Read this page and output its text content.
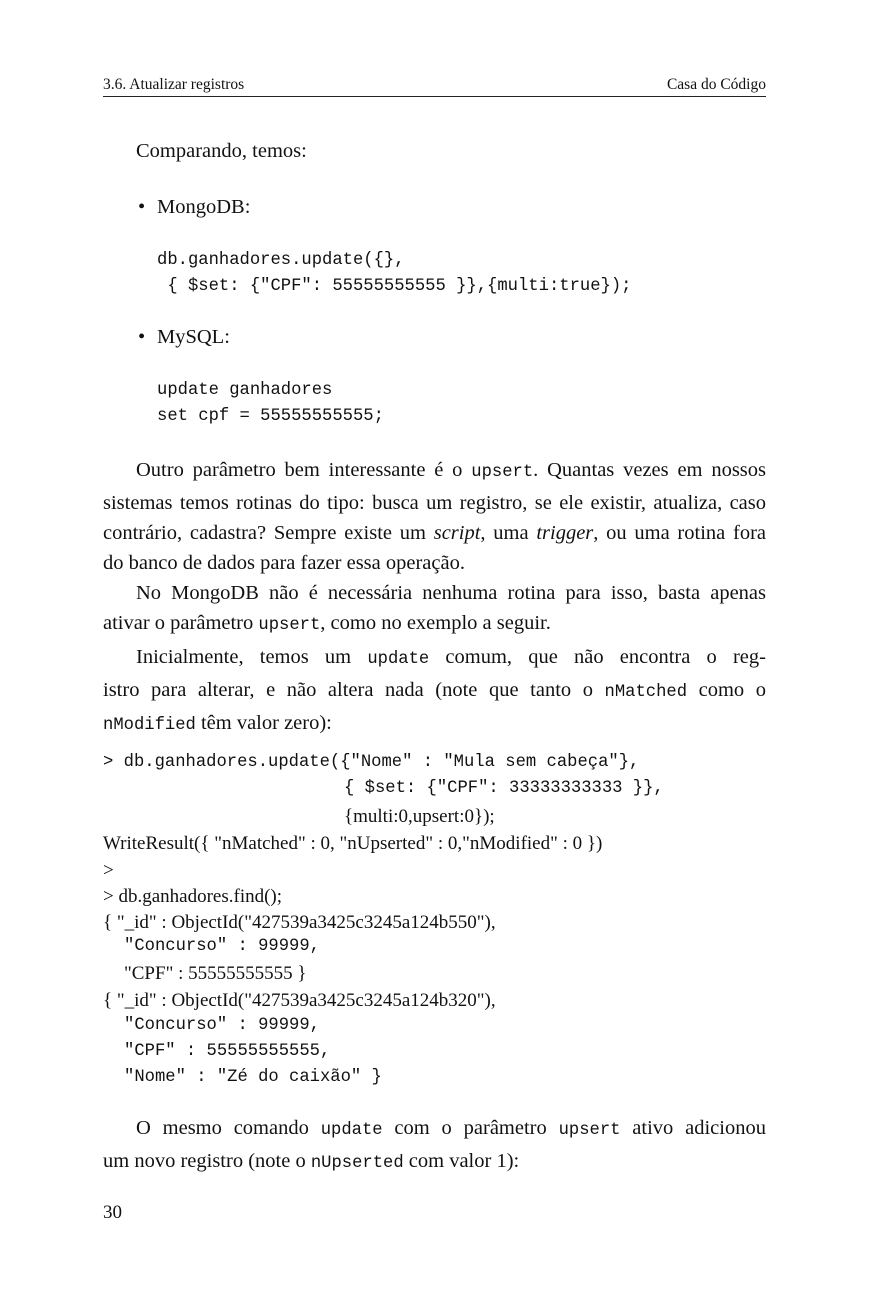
3.6. Atualizar registros	Casa do Código
Comparando, temos:
• MongoDB:
db.ganhadores.update({},
{ $set: {"CPF": 55555555555 }},{multi:true});
• MySQL:
update ganhadores
set cpf = 55555555555;
Outro parâmetro bem interessante é o upsert. Quantas vezes em nossos
sistemas temos rotinas do tipo: busca um registro, se ele existir, atualiza, caso
contrário, cadastra? Sempre existe um script, uma trigger, ou uma rotina fora
do banco de dados para fazer essa operação.
No MongoDB não é necessária nenhuma rotina para isso, basta apenas
ativar o parâmetro upsert, como no exemplo a seguir.
Inicialmente, temos um update comum, que não encontra o reg-
istro para alterar, e não altera nada (note que tanto o nMatched como o
nModified têm valor zero):
> db.ganhadores.update({"Nome" : "Mula sem cabeça"},
{ $set: {"CPF": 33333333333 }},
{multi:0,upsert:0});
WriteResult({ "nMatched" : 0, "nUpserted" : 0,"nModified" : 0 })
>
> db.ganhadores.find();
{ "_id" : ObjectId("427539a3425c3245a124b550"),
"Concurso" : 99999,
"CPF" : 55555555555 }
{ "_id" : ObjectId("427539a3425c3245a124b320"),
"Concurso" : 99999,
"CPF" : 55555555555,
"Nome" : "Zé do caixão" }
O mesmo comando update com o parâmetro upsert ativo adicionou
um novo registro (note o nUpserted com valor 1):
30
